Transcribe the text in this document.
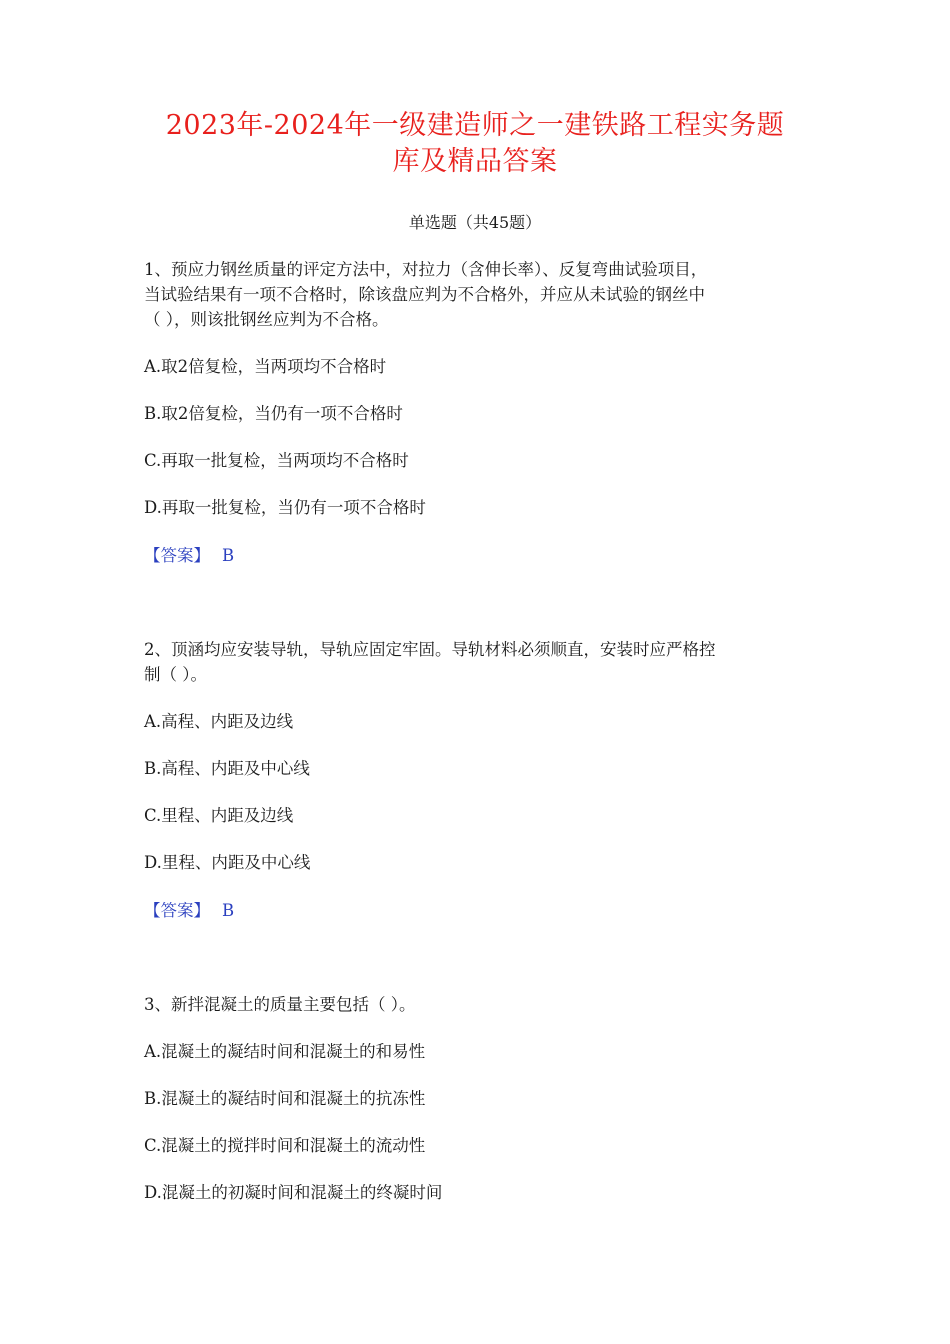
2023年-2024年一级建造师之一建铁路工程实务题
库及精品答案
单选题（共45题）
1、预应力钢丝质量的评定方法中，对拉力（含伸长率）、反复弯曲试验项目，
当试验结果有一项不合格时，除该盘应判为不合格外，并应从未试验的钢丝中
（ ），则该批钢丝应判为不合格。
A.取2倍复检，当两项均不合格时
B.取2倍复检，当仍有一项不合格时
C.再取一批复检，当两项均不合格时
D.再取一批复检，当仍有一项不合格时
【答案】 B
2、顶涵均应安装导轨，导轨应固定牢固。导轨材料必须顺直，安装时应严格控
制（ ）。
A.高程、内距及边线
B.高程、内距及中心线
C.里程、内距及边线
D.里程、内距及中心线
【答案】 B
3、新拌混凝土的质量主要包括（ ）。
A.混凝土的凝结时间和混凝土的和易性
B.混凝土的凝结时间和混凝土的抗冻性
C.混凝土的搅拌时间和混凝土的流动性
D.混凝土的初凝时间和混凝土的终凝时间
